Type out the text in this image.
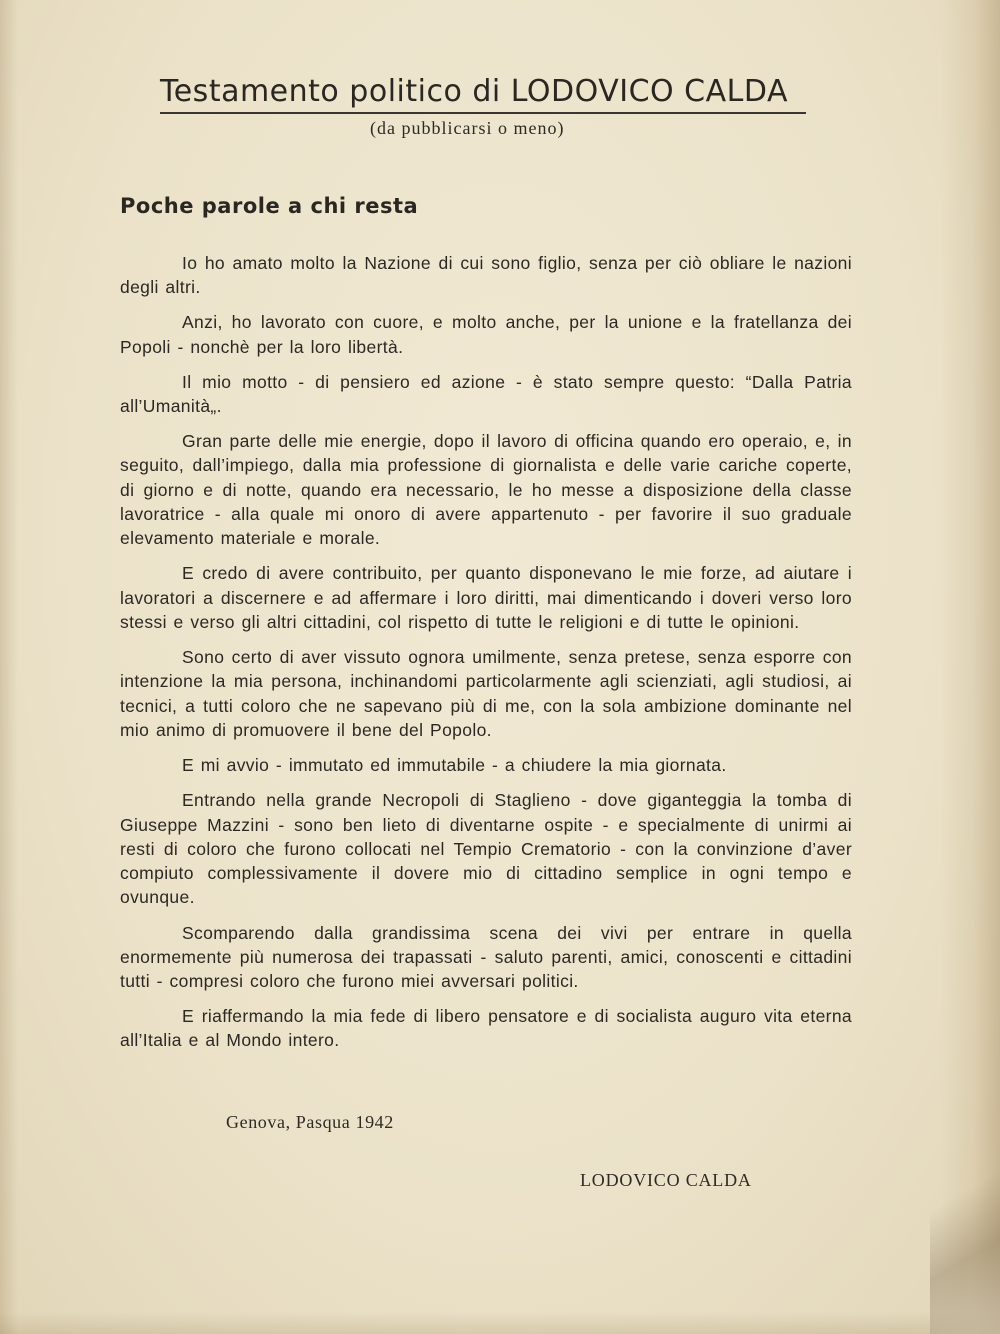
Testamento politico di LODOVICO CALDA
(da pubblicarsi o meno)
Poche parole a chi resta

Io ho amato molto la Nazione di cui sono figlio, senza per ciò obliare le nazioni degli altri.

Anzi, ho lavorato con cuore, e molto anche, per la unione e la fratellanza dei Popoli - nonchè per la loro libertà.

Il mio motto - di pensiero ed azione - è stato sempre questo: “Dalla Patria all’Umanità„.

Gran parte delle mie energie, dopo il lavoro di officina quando ero operaio, e, in seguito, dall’impiego, dalla mia professione di giornalista e delle varie cariche coperte, di giorno e di notte, quando era necessario, le ho messe a disposizione della classe lavoratrice - alla quale mi onoro di avere appartenuto - per favorire il suo graduale elevamento materiale e morale.

E credo di avere contribuito, per quanto disponevano le mie forze, ad aiutare i lavoratori a discernere e ad affermare i loro diritti, mai dimenticando i doveri verso loro stessi e verso gli altri cittadini, col rispetto di tutte le religioni e di tutte le opinioni.

Sono certo di aver vissuto ognora umilmente, senza pretese, senza esporre con intenzione la mia persona, inchinandomi particolarmente agli scienziati, agli studiosi, ai tecnici, a tutti coloro che ne sapevano più di me, con la sola ambizione dominante nel mio animo di promuovere il bene del Popolo.

E mi avvio - immutato ed immutabile - a chiudere la mia giornata.

Entrando nella grande Necropoli di Staglieno - dove giganteggia la tomba di Giuseppe Mazzini - sono ben lieto di diventarne ospite - e specialmente di unirmi ai resti di coloro che furono collocati nel Tempio Crematorio - con la convinzione d’aver compiuto complessivamente il dovere mio di cittadino semplice in ogni tempo e ovunque.

Scomparendo dalla grandissima scena dei vivi per entrare in quella enormemente più numerosa dei trapassati - saluto parenti, amici, conoscenti e cittadini tutti - compresi coloro che furono miei avversari politici.

E riaffermando la mia fede di libero pensatore e di socialista auguro vita eterna all’Italia e al Mondo intero.

Genova, Pasqua 1942
LODOVICO CALDA
